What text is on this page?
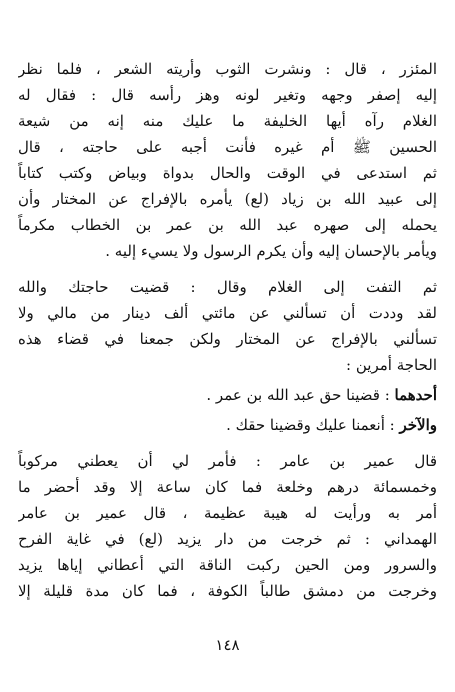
المئزر ، قال : ونشرت الثوب وأريته الشعر ، فلما نظر
إليه إصفر وجهه وتغير لونه وهز رأسه قال : فقال له
الغلام رآه أيها الخليفة ما عليك منه إنه من شيعة
الحسين ﷺ أم غيره فأنت أجبه على حاجته ، قال
ثم استدعى في الوقت والحال بدواة وبياض وكتب كتاباً
إلى عبيد الله بن زياد (لع) يأمره بالإفراج عن المختار وأن
يحمله إلى صهره عبد الله بن عمر بن الخطاب مكرماً
ويأمر بالإحسان إليه وأن يكرم الرسول ولا يسيء إليه .
ثم التفت إلى الغلام وقال : قضيت حاجتك والله
لقد وددت أن تسألني عن مائتي ألف دينار من مالي ولا
تسألني بالإفراج عن المختار ولكن جمعنا في قضاء هذه
الحاجة أمرين :
أحدهما : قضينا حق عبد الله بن عمر .
والآخر : أنعمنا عليك وقضينا حقك .
قال عمير بن عامر : فأمر لي أن يعطني مركوباً
وخمسمائة درهم وخلعة فما كان ساعة إلا وقد أحضر ما
أمر به ورأيت له هيبة عظيمة ، قال عمير بن عامر
الهمداني : ثم خرجت من دار يزيد (لع) في غاية الفرح
والسرور ومن الحين ركبت الناقة التي أعطاني إياها يزيد
وخرجت من دمشق طالباً الكوفة ، فما كان مدة قليلة إلا
١٤٨
